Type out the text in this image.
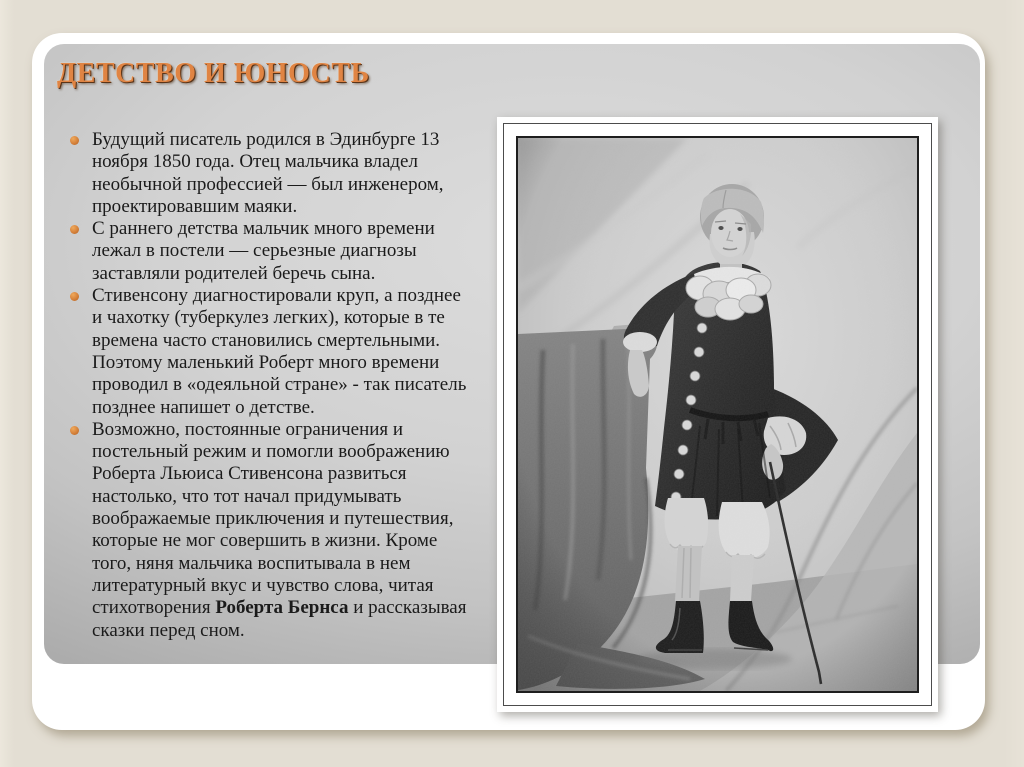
ДЕТСТВО И ЮНОСТЬ
Будущий писатель родился в Эдинбурге 13 ноября 1850 года. Отец мальчика владел необычной профессией — был инженером, проектировавшим маяки.
С раннего детства мальчик много времени лежал в постели — серьезные диагнозы заставляли родителей беречь сына.
Стивенсону диагностировали круп, а позднее и чахотку (туберкулез легких), которые в те времена часто становились смертельными. Поэтому маленький Роберт много времени проводил в «одеяльной стране» - так писатель позднее напишет о детстве.
Возможно, постоянные ограничения и постельный режим и помогли воображению Роберта Льюиса Стивенсона развиться настолько, что тот начал придумывать воображаемые приключения и путешествия, которые не мог совершить в жизни. Кроме того, няня мальчика воспитывала в нем литературный вкус и чувство слова, читая стихотворения Роберта Бернса и рассказывая сказки перед сном.
